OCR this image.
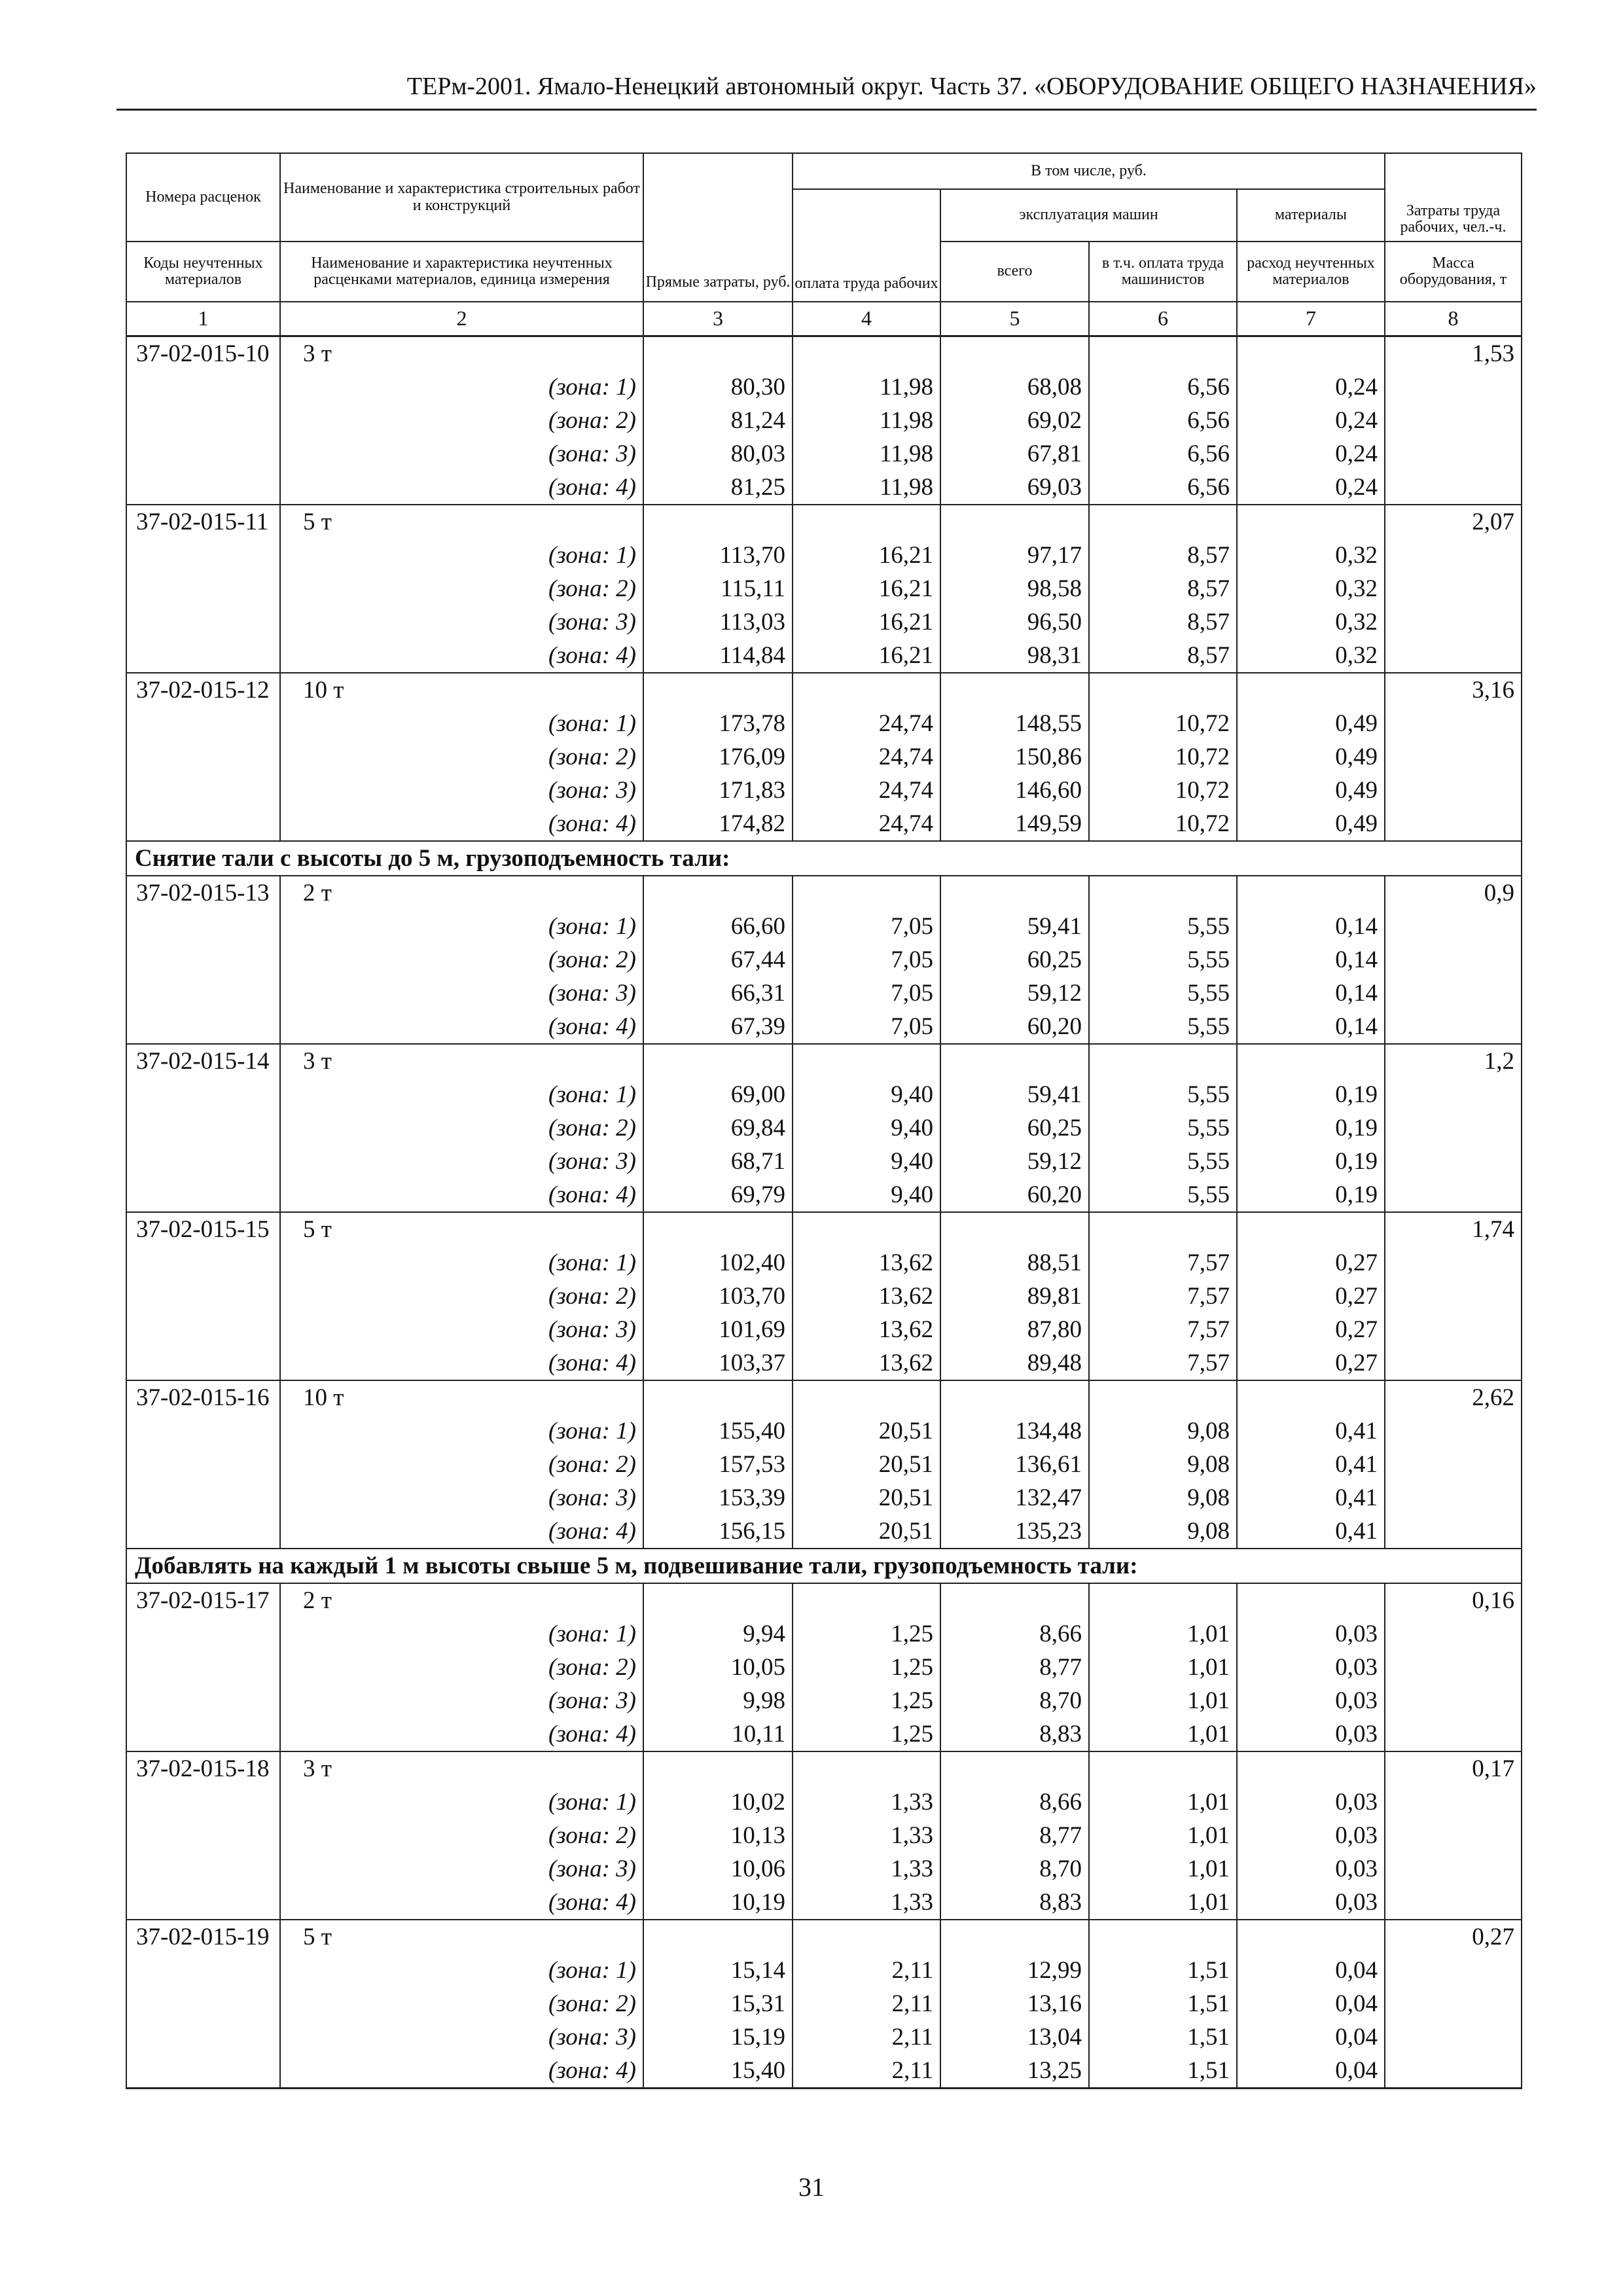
ТЕРм-2001. Ямало-Ненецкий автономный округ. Часть 37. «ОБОРУДОВАНИЕ ОБЩЕГО НАЗНАЧЕНИЯ»
Номера расценок	Наименование и характеристика строительных работ и конструкций	Прямые затраты, руб.	В том числе, руб.				Затраты труда рабочих, чел.-ч.
			оплата труда рабочих	эксплуатация машин		материалы	
Коды неучтенных материалов	Наименование и характеристика неучтенных расценками материалов, единица измерения			всего	в т.ч. оплата труда машинистов	расход неучтенных материалов	Масса оборудования, т
1	2	3	4	5	6	7	8
37-02-015-10	3 т						1,53
	(зона: 1)	80,30	11,98	68,08	6,56	0,24	
	(зона: 2)	81,24	11,98	69,02	6,56	0,24	
	(зона: 3)	80,03	11,98	67,81	6,56	0,24	
	(зона: 4)	81,25	11,98	69,03	6,56	0,24	
37-02-015-11	5 т						2,07
	(зона: 1)	113,70	16,21	97,17	8,57	0,32	
	(зона: 2)	115,11	16,21	98,58	8,57	0,32	
	(зона: 3)	113,03	16,21	96,50	8,57	0,32	
	(зона: 4)	114,84	16,21	98,31	8,57	0,32	
37-02-015-12	10 т						3,16
	(зона: 1)	173,78	24,74	148,55	10,72	0,49	
	(зона: 2)	176,09	24,74	150,86	10,72	0,49	
	(зона: 3)	171,83	24,74	146,60	10,72	0,49	
	(зона: 4)	174,82	24,74	149,59	10,72	0,49	
Снятие тали с высоты до 5 м, грузоподъемность тали:							
37-02-015-13	2 т						0,9
	(зона: 1)	66,60	7,05	59,41	5,55	0,14	
	(зона: 2)	67,44	7,05	60,25	5,55	0,14	
	(зона: 3)	66,31	7,05	59,12	5,55	0,14	
	(зона: 4)	67,39	7,05	60,20	5,55	0,14	
37-02-015-14	3 т						1,2
	(зона: 1)	69,00	9,40	59,41	5,55	0,19	
	(зона: 2)	69,84	9,40	60,25	5,55	0,19	
	(зона: 3)	68,71	9,40	59,12	5,55	0,19	
	(зона: 4)	69,79	9,40	60,20	5,55	0,19	
37-02-015-15	5 т						1,74
	(зона: 1)	102,40	13,62	88,51	7,57	0,27	
	(зона: 2)	103,70	13,62	89,81	7,57	0,27	
	(зона: 3)	101,69	13,62	87,80	7,57	0,27	
	(зона: 4)	103,37	13,62	89,48	7,57	0,27	
37-02-015-16	10 т						2,62
	(зона: 1)	155,40	20,51	134,48	9,08	0,41	
	(зона: 2)	157,53	20,51	136,61	9,08	0,41	
	(зона: 3)	153,39	20,51	132,47	9,08	0,41	
	(зона: 4)	156,15	20,51	135,23	9,08	0,41	
Добавлять на каждый 1 м высоты свыше 5 м, подвешивание тали, грузоподъемность тали:							
37-02-015-17	2 т						0,16
	(зона: 1)	9,94	1,25	8,66	1,01	0,03	
	(зона: 2)	10,05	1,25	8,77	1,01	0,03	
	(зона: 3)	9,98	1,25	8,70	1,01	0,03	
	(зона: 4)	10,11	1,25	8,83	1,01	0,03	
37-02-015-18	3 т						0,17
	(зона: 1)	10,02	1,33	8,66	1,01	0,03	
	(зона: 2)	10,13	1,33	8,77	1,01	0,03	
	(зона: 3)	10,06	1,33	8,70	1,01	0,03	
	(зона: 4)	10,19	1,33	8,83	1,01	0,03	
37-02-015-19	5 т						0,27
	(зона: 1)	15,14	2,11	12,99	1,51	0,04	
	(зона: 2)	15,31	2,11	13,16	1,51	0,04	
	(зона: 3)	15,19	2,11	13,04	1,51	0,04	
	(зона: 4)	15,40	2,11	13,25	1,51	0,04	
31
